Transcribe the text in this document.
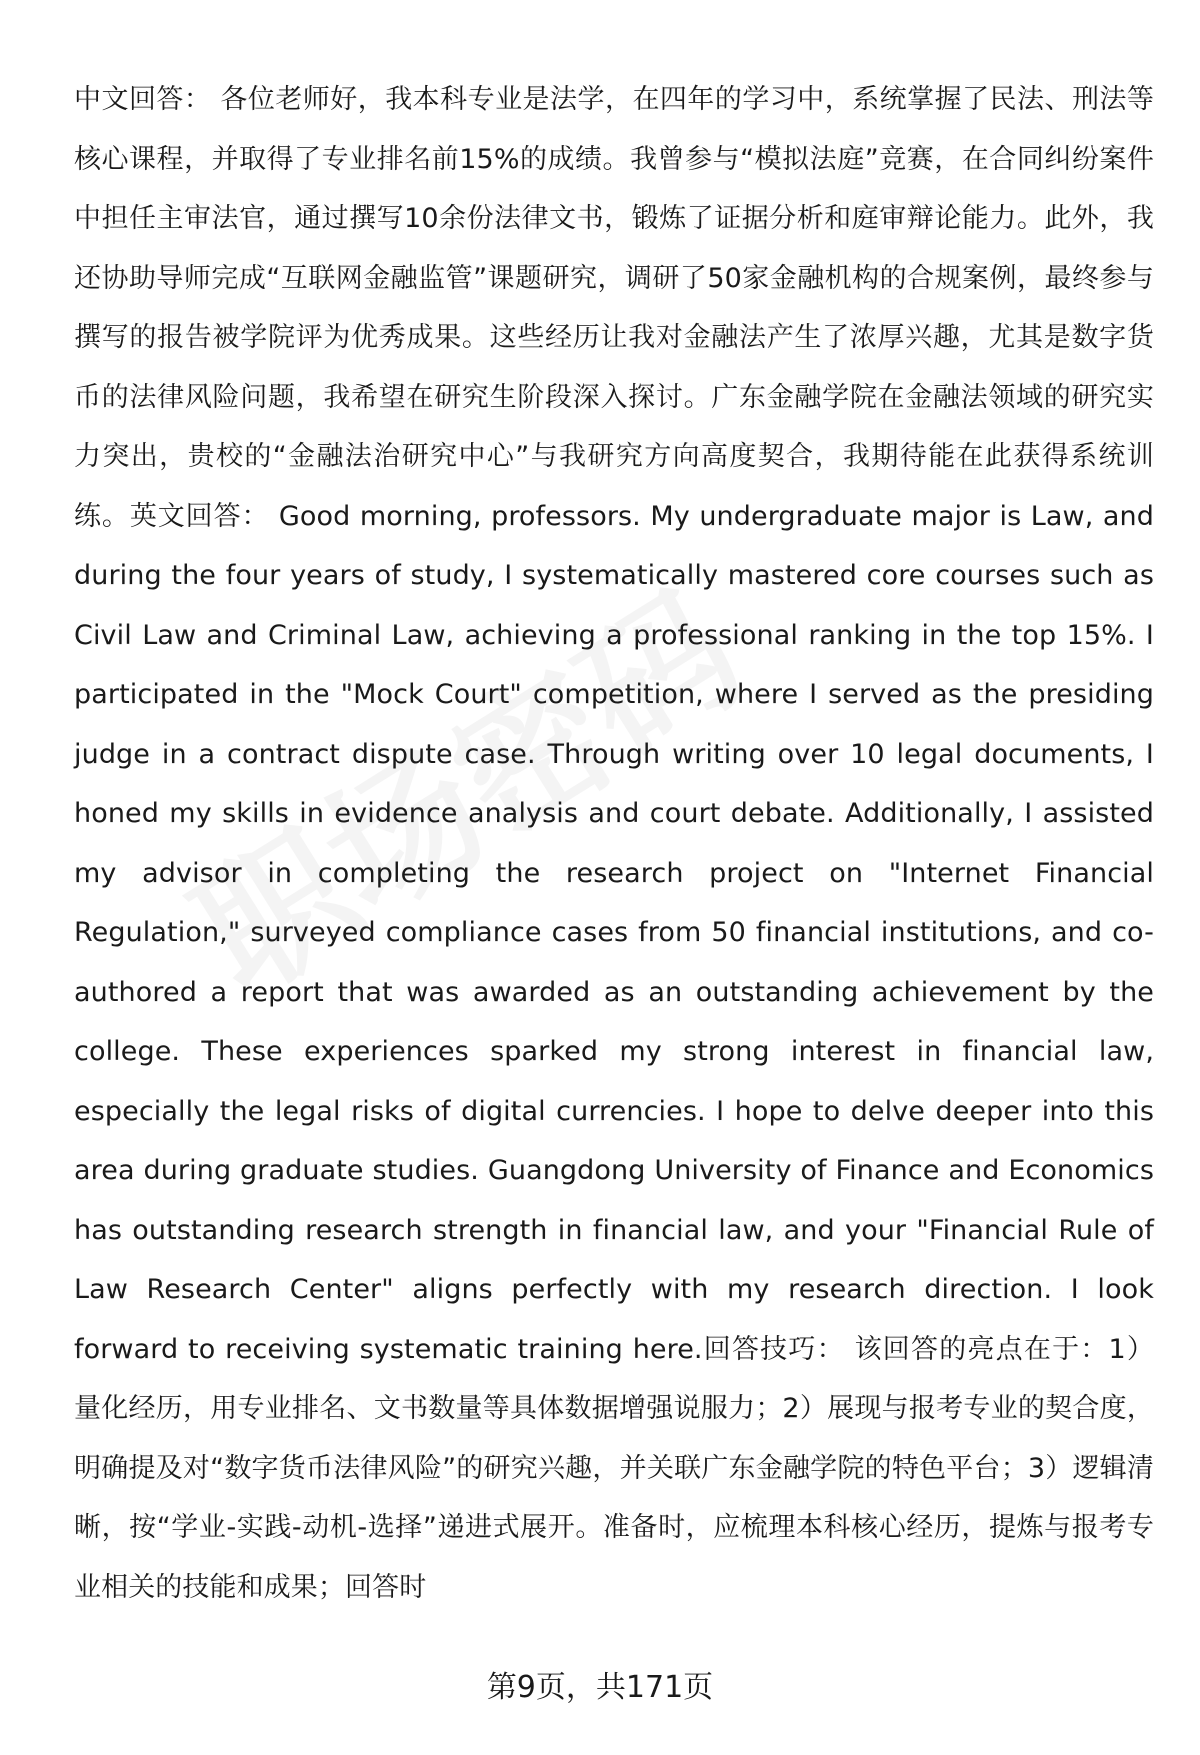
中文回答： 各位老师好，我本科专业是法学，在四年的学习中，系统掌握了民法、刑法等核心课程，并取得了专业排名前15%的成绩。我曾参与“模拟法庭”竞赛，在合同纠纷案件中担任主审法官，通过撰写10余份法律文书，锻炼了证据分析和庭审辩论能力。此外，我还协助导师完成“互联网金融监管”课题研究，调研了50家金融机构的合规案例，最终参与撰写的报告被学院评为优秀成果。这些经历让我对金融法产生了浓厚兴趣，尤其是数字货币的法律风险问题，我希望在研究生阶段深入探讨。广东金融学院在金融法领域的研究实力突出，贵校的“金融法治研究中心”与我研究方向高度契合，我期待能在此获得系统训练。英文回答： Good morning, professors. My undergraduate major is Law, and during the four years of study, I systematically mastered core courses such as Civil Law and Criminal Law, achieving a professional ranking in the top 15%. I participated in the "Mock Court" competition, where I served as the presiding judge in a contract dispute case. Through writing over 10 legal documents, I honed my skills in evidence analysis and court debate. Additionally, I assisted my advisor in completing the research project on "Internet Financial Regulation," surveyed compliance cases from 50 financial institutions, and co-authored a report that was awarded as an outstanding achievement by the college. These experiences sparked my strong interest in financial law, especially the legal risks of digital currencies. I hope to delve deeper into this area during graduate studies. Guangdong University of Finance and Economics has outstanding research strength in financial law, and your "Financial Rule of Law Research Center" aligns perfectly with my research direction. I look forward to receiving systematic training here.回答技巧： 该回答的亮点在于：1）量化经历，用专业排名、文书数量等具体数据增强说服力；2）展现与报考专业的契合度，明确提及对“数字货币法律风险”的研究兴趣，并关联广东金融学院的特色平台；3）逻辑清晰，按“学业-实践-动机-选择”递进式展开。准备时，应梳理本科核心经历，提炼与报考专业相关的技能和成果；回答时

第9页，共171页
